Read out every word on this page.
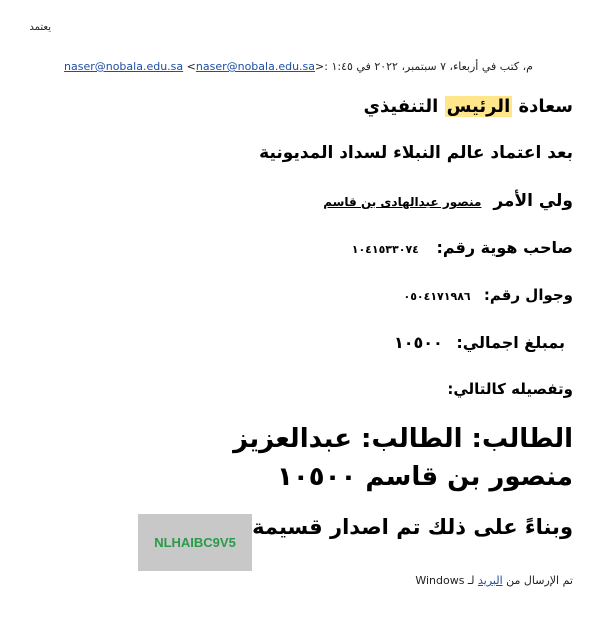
يعتمد
م، كتب في أربعاء، ٧ سبتمبر، ٢٠٢٢ في ١:٤٥ naser@nobala.edu.sa <naser@nobala.edu.sa>:
سعادة الرئيس التنفيذي
بعد اعتماد عالم النبلاء لسداد المديونية
ولي الأمر منصور عبدالهادى بن قاسم
صاحب هوية رقم: ١٠٤١٥٣٣٠٧٤
وجوال رقم: ٠٥٠٤١٧١٩٨٦
بمبلغ اجمالي: ١٠٥٠٠
وتفصيله كالتالي:
الطالب: الطالب: عبدالعزيز منصور بن قاسم ١٠٥٠٠
وبناءً على ذلك تم اصدار قسيمة
NLHAIBC9V5
تم الإرسال من البريد لـ Windows
